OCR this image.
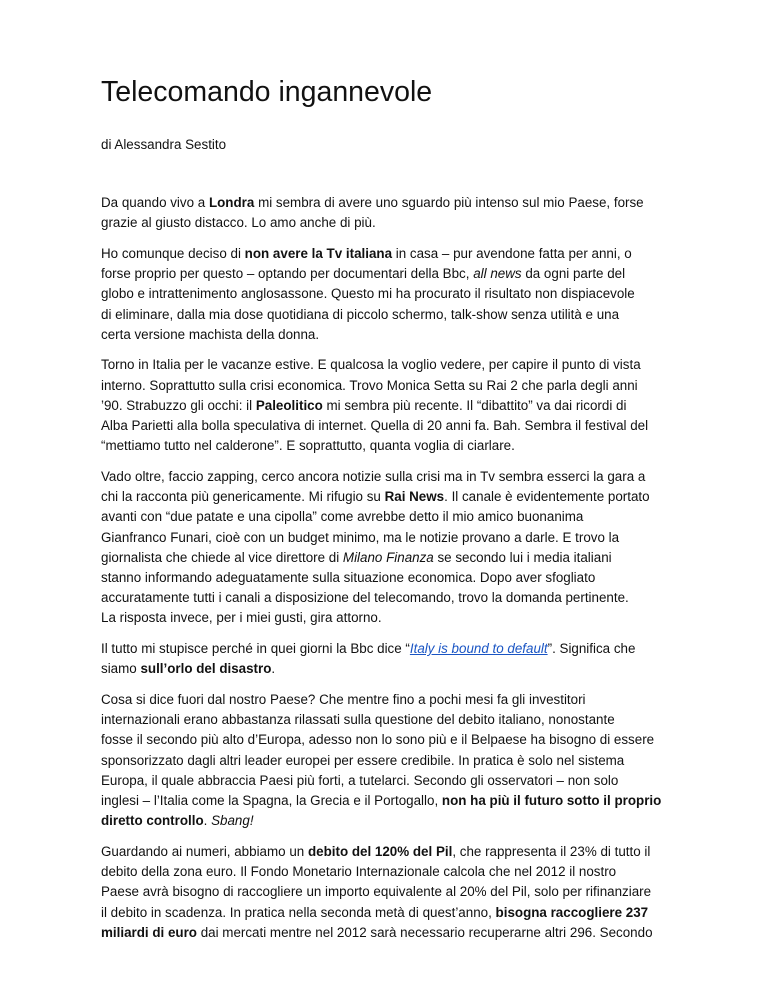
Telecomando ingannevole
di Alessandra Sestito

Da quando vivo a Londra mi sembra di avere uno sguardo più intenso sul mio Paese, forse
grazie al giusto distacco. Lo amo anche di più.

Ho comunque deciso di non avere la Tv italiana in casa – pur avendone fatta per anni, o
forse proprio per questo – optando per documentari della Bbc, all news da ogni parte del
globo e intrattenimento anglosassone. Questo mi ha procurato il risultato non dispiacevole
di eliminare, dalla mia dose quotidiana di piccolo schermo, talk-show senza utilità e una
certa versione machista della donna.

Torno in Italia per le vacanze estive. E qualcosa la voglio vedere, per capire il punto di vista
interno. Soprattutto sulla crisi economica. Trovo Monica Setta su Rai 2 che parla degli anni
’90. Strabuzzo gli occhi: il Paleolitico mi sembra più recente. Il “dibattito” va dai ricordi di
Alba Parietti alla bolla speculativa di internet. Quella di 20 anni fa. Bah. Sembra il festival del
“mettiamo tutto nel calderone”. E soprattutto, quanta voglia di ciarlare.

Vado oltre, faccio zapping, cerco ancora notizie sulla crisi ma in Tv sembra esserci la gara a
chi la racconta più genericamente. Mi rifugio su Rai News. Il canale è evidentemente portato
avanti con “due patate e una cipolla” come avrebbe detto il mio amico buonanima
Gianfranco Funari, cioè con un budget minimo, ma le notizie provano a darle. E trovo la
giornalista che chiede al vice direttore di Milano Finanza se secondo lui i media italiani
stanno informando adeguatamente sulla situazione economica. Dopo aver sfogliato
accuratamente tutti i canali a disposizione del telecomando, trovo la domanda pertinente.
La risposta invece, per i miei gusti, gira attorno.

Il tutto mi stupisce perché in quei giorni la Bbc dice “Italy is bound to default”. Significa che
siamo sull’orlo del disastro.

Cosa si dice fuori dal nostro Paese? Che mentre fino a pochi mesi fa gli investitori
internazionali erano abbastanza rilassati sulla questione del debito italiano, nonostante
fosse il secondo più alto d’Europa, adesso non lo sono più e il Belpaese ha bisogno di essere
sponsorizzato dagli altri leader europei per essere credibile. In pratica è solo nel sistema
Europa, il quale abbraccia Paesi più forti, a tutelarci. Secondo gli osservatori – non solo
inglesi – l’Italia come la Spagna, la Grecia e il Portogallo, non ha più il futuro sotto il proprio
diretto controllo. Sbang!

Guardando ai numeri, abbiamo un debito del 120% del Pil, che rappresenta il 23% di tutto il
debito della zona euro. Il Fondo Monetario Internazionale calcola che nel 2012 il nostro
Paese avrà bisogno di raccogliere un importo equivalente al 20% del Pil, solo per rifinanziare
il debito in scadenza. In pratica nella seconda metà di quest’anno, bisogna raccogliere 237
miliardi di euro dai mercati mentre nel 2012 sarà necessario recuperarne altri 296. Secondo
